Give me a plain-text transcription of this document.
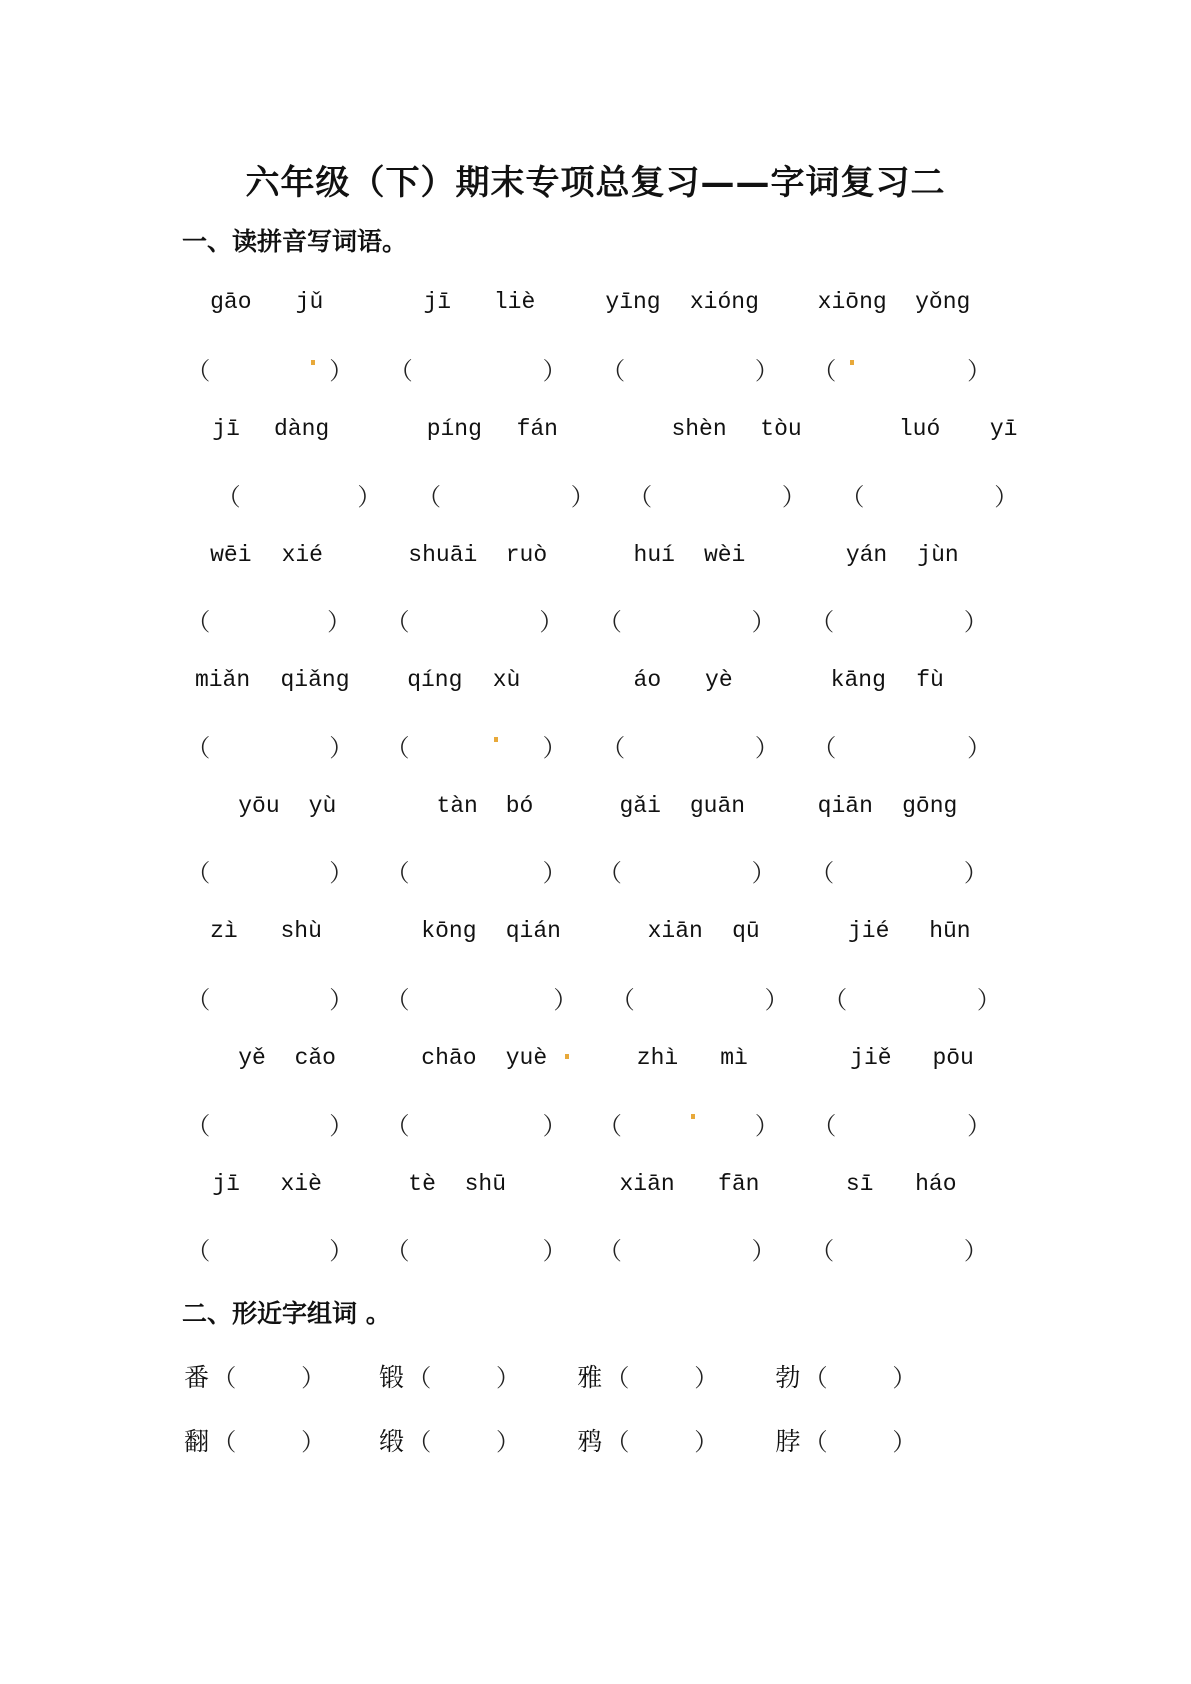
六年级（下）期末专项总复习——字词复习二
一、读拼音写词语。
二、形近字组词 。
gāo jǔ	jī liè	yīng xióng	xiōng yǒng
（	） （	） （	） （	）
jī dàng	píng fán	shèn tòu	luó yī
（	） （	） （	） （	）
wēi xié	shuāi ruò	huí wèi	yán jùn
（	） （	） （	） （	）
miǎn qiǎng	qíng xù	áo yè	kāng fù
（	） （	） （	） （	）
yōu yù	tàn bó	gǎi guān	qiān gōng
（	） （	） （	） （	）
zì shù	kōng qián	xiān qū	jié hūn
（	） （	） （	） （	）
yě cǎo	chāo yuè	zhì mì	jiě pōu
（	） （	） （	） （	）
jī xiè	tè shū	xiān fān	sī háo
（	） （	） （	） （	）
番 （	） 锻 （	） 雅 （	） 勃 （	）
翻 （	） 缎 （	） 鸦 （	） 脖 （	）
